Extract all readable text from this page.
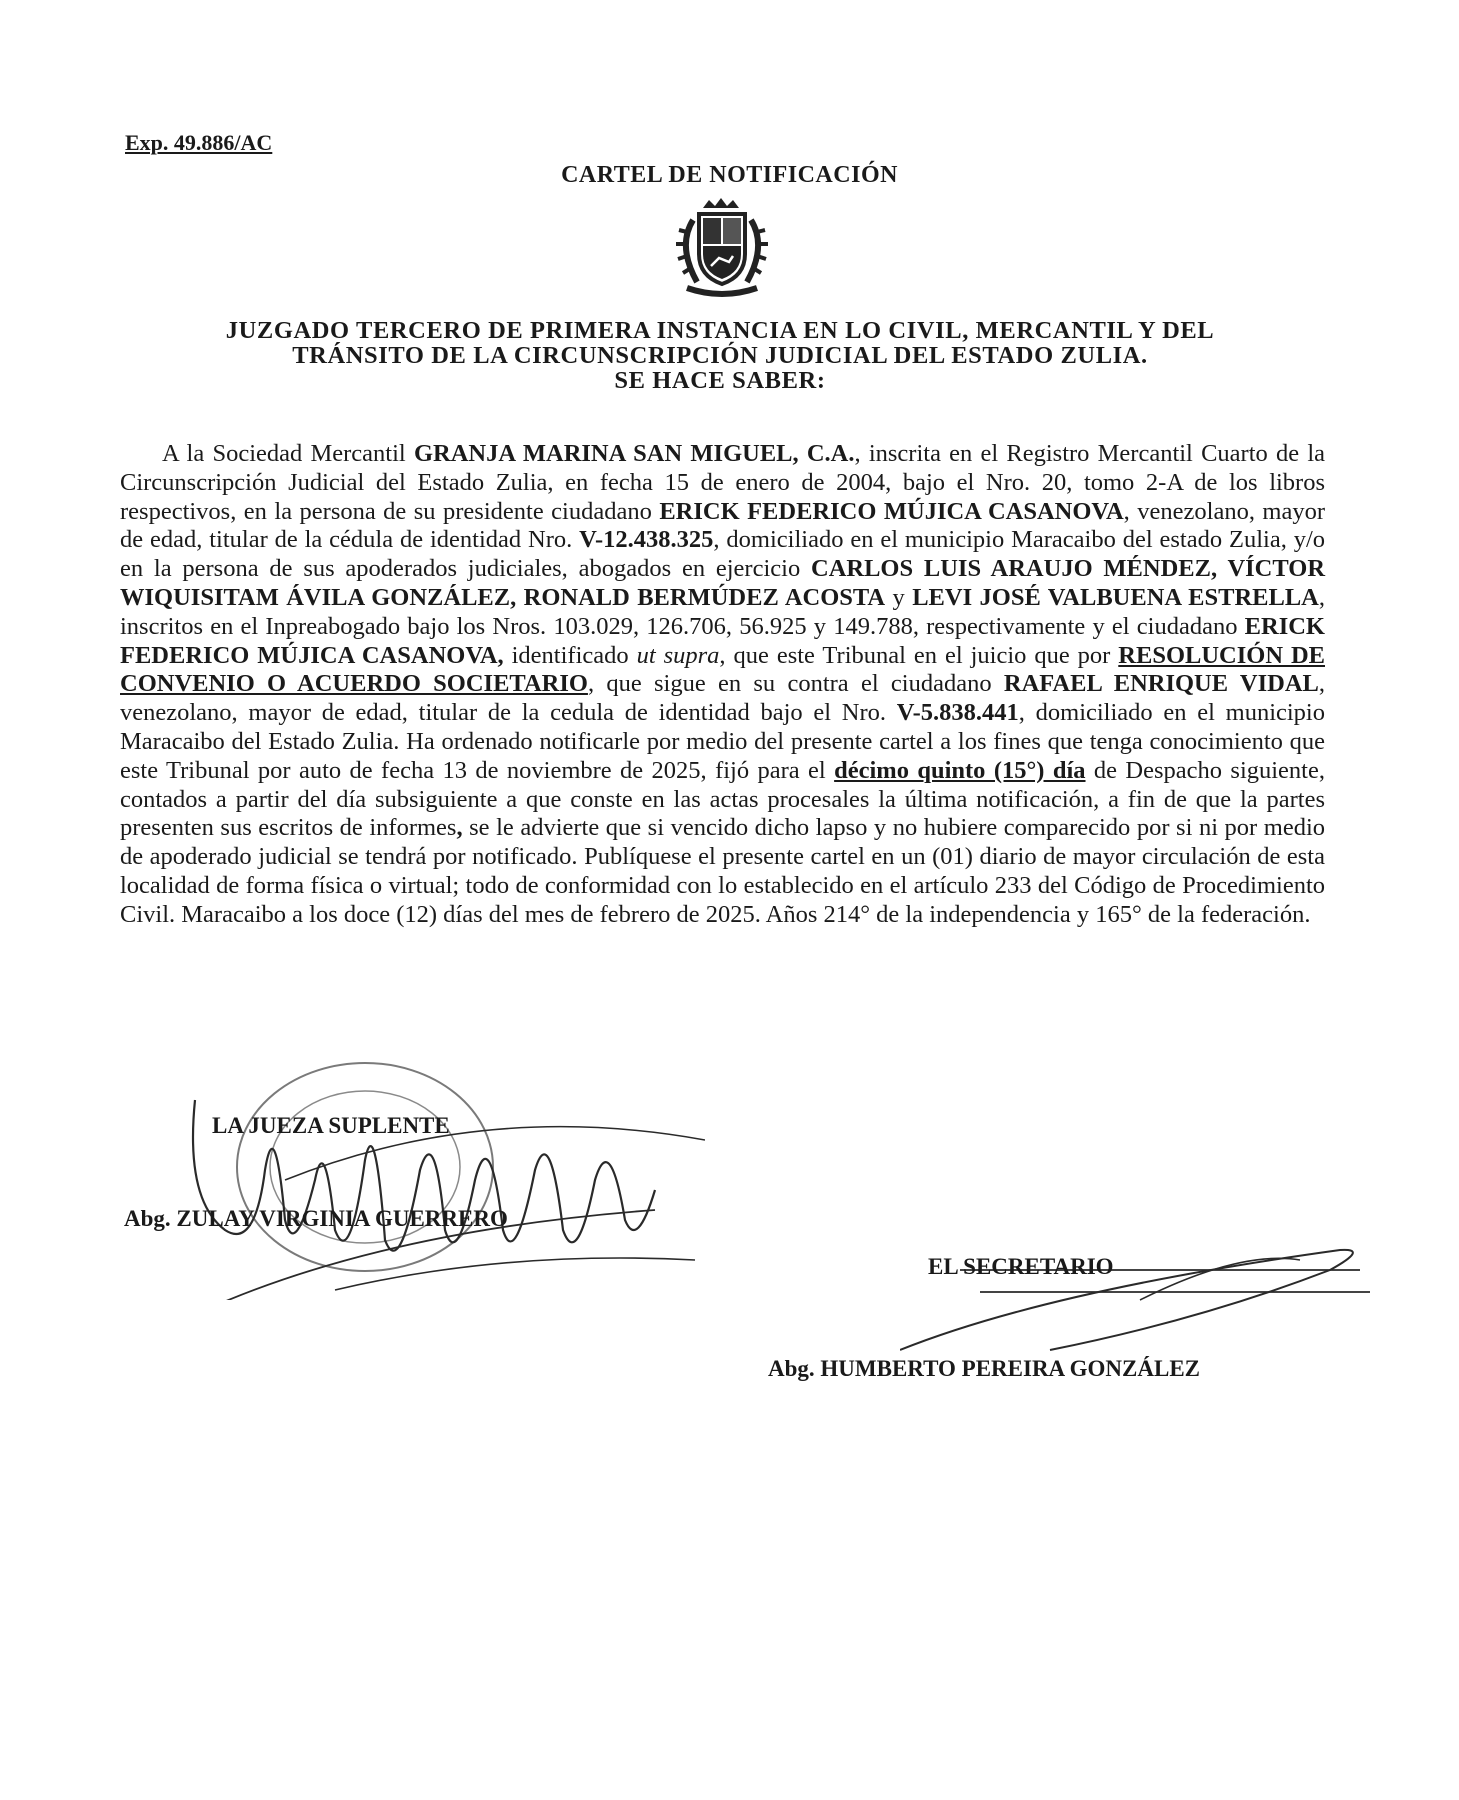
Exp. 49.886/AC
CARTEL DE NOTIFICACIÓN
JUZGADO TERCERO DE PRIMERA INSTANCIA EN LO CIVIL, MERCANTIL Y DEL
TRÁNSITO DE LA CIRCUNSCRIPCIÓN JUDICIAL DEL ESTADO ZULIA.
SE HACE SABER:
A la Sociedad Mercantil GRANJA MARINA SAN MIGUEL, C.A., inscrita en el Registro Mercantil Cuarto de la Circunscripción Judicial del Estado Zulia, en fecha 15 de enero de 2004, bajo el Nro. 20, tomo 2-A de los libros respectivos, en la persona de su presidente ciudadano ERICK FEDERICO MÚJICA CASANOVA, venezolano, mayor de edad, titular de la cédula de identidad Nro. V-12.438.325, domiciliado en el municipio Maracaibo del estado Zulia, y/o en la persona de sus apoderados judiciales, abogados en ejercicio CARLOS LUIS ARAUJO MÉNDEZ, VÍCTOR WIQUISITAM ÁVILA GONZÁLEZ, RONALD BERMÚDEZ ACOSTA y LEVI JOSÉ VALBUENA ESTRELLA, inscritos en el Inpreabogado bajo los Nros. 103.029, 126.706, 56.925 y 149.788, respectivamente y el ciudadano ERICK FEDERICO MÚJICA CASANOVA, identificado ut supra, que este Tribunal en el juicio que por RESOLUCIÓN DE CONVENIO O ACUERDO SOCIETARIO, que sigue en su contra el ciudadano RAFAEL ENRIQUE VIDAL, venezolano, mayor de edad, titular de la cedula de identidad bajo el Nro. V-5.838.441, domiciliado en el municipio Maracaibo del Estado Zulia. Ha ordenado notificarle por medio del presente cartel a los fines que tenga conocimiento que este Tribunal por auto de fecha 13 de noviembre de 2025, fijó para el décimo quinto (15°) día de Despacho siguiente, contados a partir del día subsiguiente a que conste en las actas procesales la última notificación, a fin de que la partes presenten sus escritos de informes, se le advierte que si vencido dicho lapso y no hubiere comparecido por si ni por medio de apoderado judicial se tendrá por notificado. Publíquese el presente cartel en un (01) diario de mayor circulación de esta localidad de forma física o virtual; todo de conformidad con lo establecido en el artículo 233 del Código de Procedimiento Civil. Maracaibo a los doce (12) días del mes de febrero de 2025. Años 214° de la independencia y 165° de la federación.
LA JUEZA SUPLENTE
Abg. ZULAY VIRGINIA GUERRERO
EL SECRETARIO
Abg. HUMBERTO PEREIRA GONZÁLEZ
